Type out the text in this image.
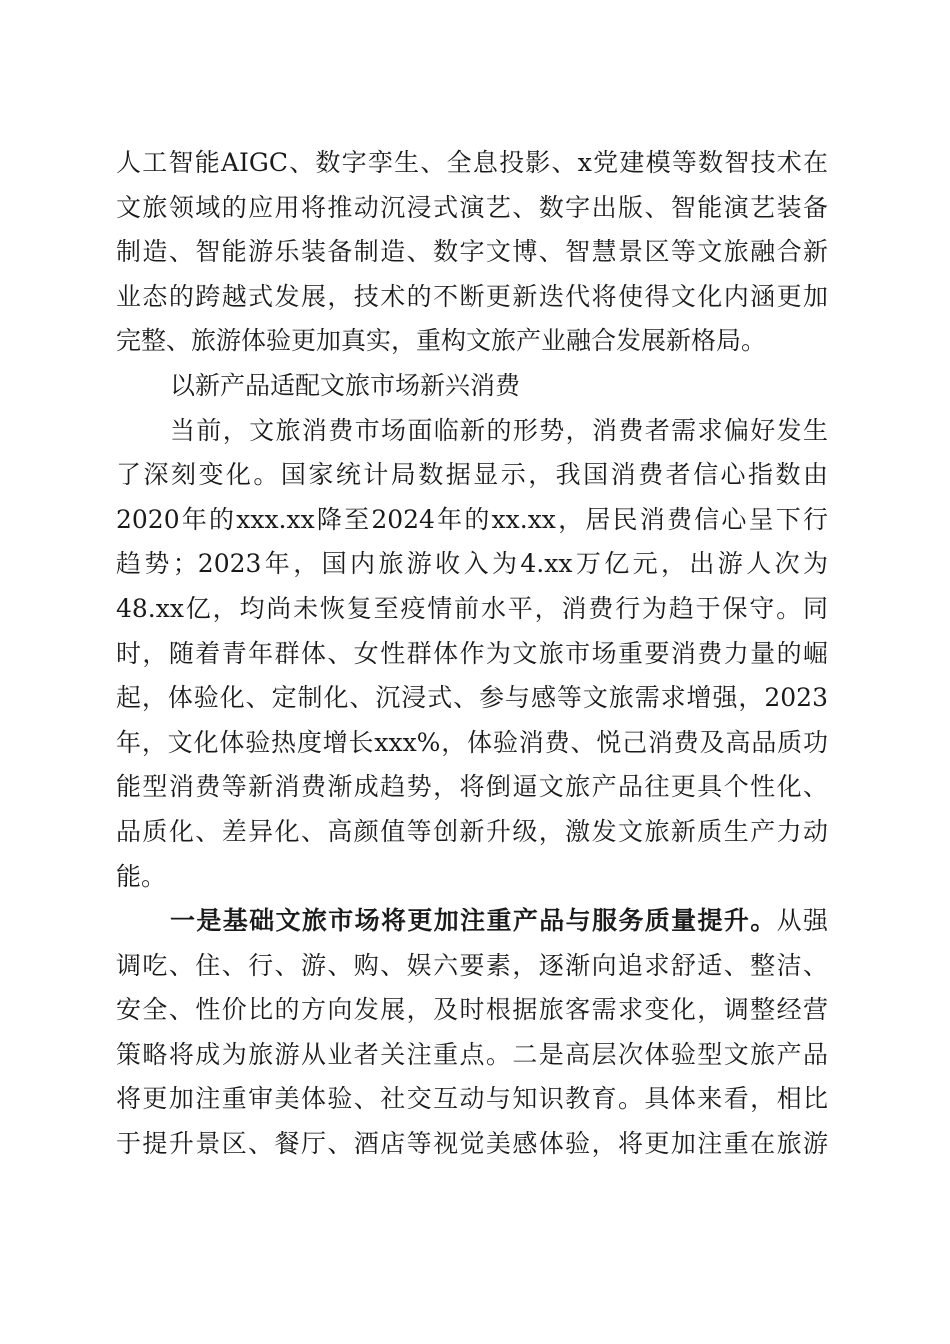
人工智能AIGC、数字孪生、全息投影、x党建模等数智技术在
文旅领域的应用将推动沉浸式演艺、数字出版、智能演艺装备
制造、智能游乐装备制造、数字文博、智慧景区等文旅融合新
业态的跨越式发展，技术的不断更新迭代将使得文化内涵更加
完整、旅游体验更加真实，重构文旅产业融合发展新格局。
以新产品适配文旅市场新兴消费
当前，文旅消费市场面临新的形势，消费者需求偏好发生
了深刻变化。国家统计局数据显示，我国消费者信心指数由
2020年的xxx.xx降至2024年的xx.xx，居民消费信心呈下行
趋势；2023年，国内旅游收入为4.xx万亿元，出游人次为
48.xx亿，均尚未恢复至疫情前水平，消费行为趋于保守。同
时，随着青年群体、女性群体作为文旅市场重要消费力量的崛
起，体验化、定制化、沉浸式、参与感等文旅需求增强，2023
年，文化体验热度增长xxx%，体验消费、悦己消费及高品质功
能型消费等新消费渐成趋势，将倒逼文旅产品往更具个性化、
品质化、差异化、高颜值等创新升级，激发文旅新质生产力动
能。
一是基础文旅市场将更加注重产品与服务质量提升。从强
调吃、住、行、游、购、娱六要素，逐渐向追求舒适、整洁、
安全、性价比的方向发展，及时根据旅客需求变化，调整经营
策略将成为旅游从业者关注重点。二是高层次体验型文旅产品
将更加注重审美体验、社交互动与知识教育。具体来看，相比
于提升景区、餐厅、酒店等视觉美感体验，将更加注重在旅游
